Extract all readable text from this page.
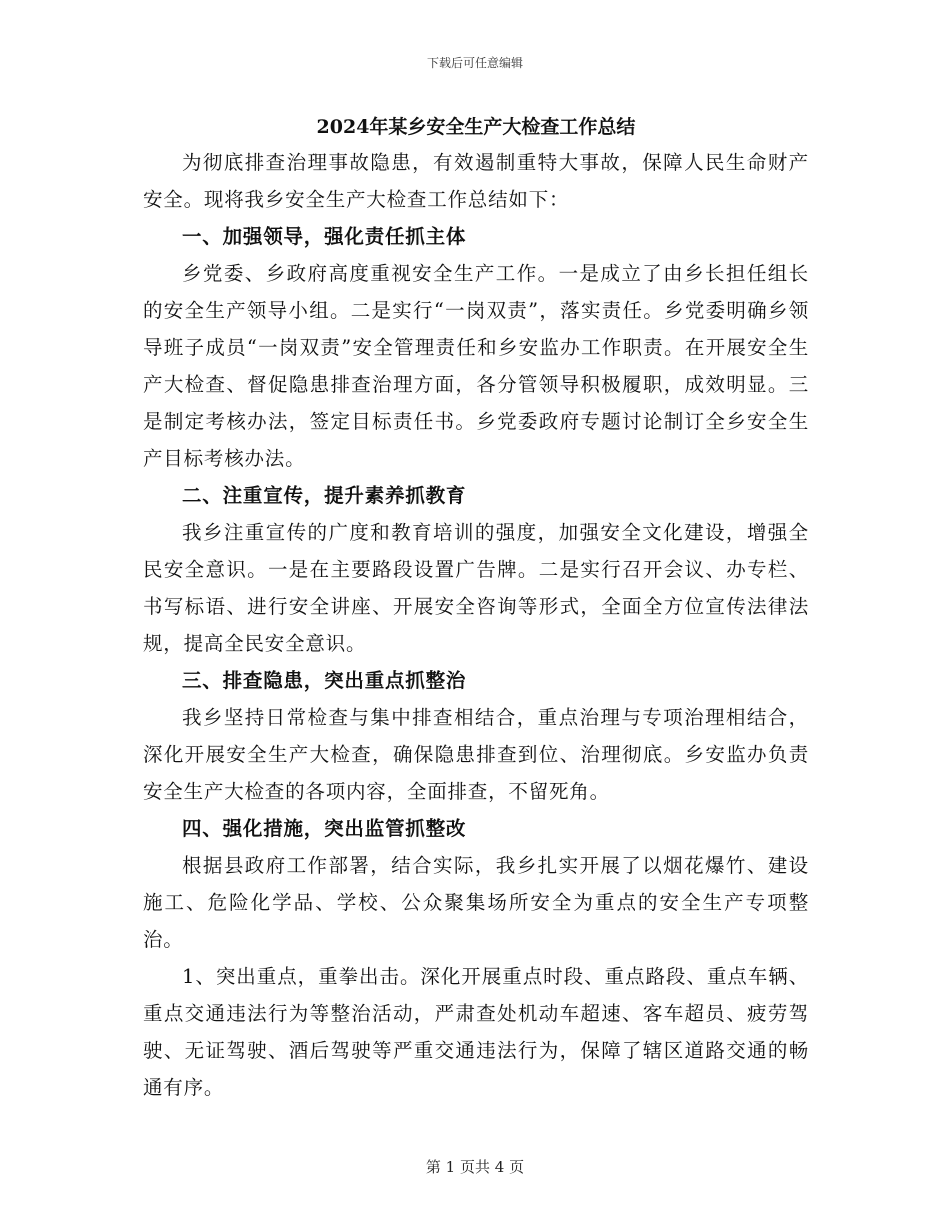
下载后可任意编辑
2024年某乡安全生产大检查工作总结

为彻底排查治理事故隐患，有效遏制重特大事故，保障人民生命财产安全。现将我乡安全生产大检查工作总结如下：

一、加强领导，强化责任抓主体

乡党委、乡政府高度重视安全生产工作。一是成立了由乡长担任组长的安全生产领导小组。二是实行“一岗双责”，落实责任。乡党委明确乡领导班子成员“一岗双责”安全管理责任和乡安监办工作职责。在开展安全生产大检查、督促隐患排查治理方面，各分管领导积极履职，成效明显。三是制定考核办法，签定目标责任书。乡党委政府专题讨论制订全乡安全生产目标考核办法。

二、注重宣传，提升素养抓教育

我乡注重宣传的广度和教育培训的强度，加强安全文化建设，增强全民安全意识。一是在主要路段设置广告牌。二是实行召开会议、办专栏、书写标语、进行安全讲座、开展安全咨询等形式，全面全方位宣传法律法规，提高全民安全意识。

三、排查隐患，突出重点抓整治

我乡坚持日常检查与集中排查相结合，重点治理与专项治理相结合，深化开展安全生产大检查，确保隐患排查到位、治理彻底。乡安监办负责安全生产大检查的各项内容，全面排查，不留死角。

四、强化措施，突出监管抓整改

根据县政府工作部署，结合实际，我乡扎实开展了以烟花爆竹、建设施工、危险化学品、学校、公众聚集场所安全为重点的安全生产专项整治。

1、突出重点，重拳出击。深化开展重点时段、重点路段、重点车辆、重点交通违法行为等整治活动，严肃查处机动车超速、客车超员、疲劳驾驶、无证驾驶、酒后驾驶等严重交通违法行为，保障了辖区道路交通的畅通有序。

第 1 页共 4 页
